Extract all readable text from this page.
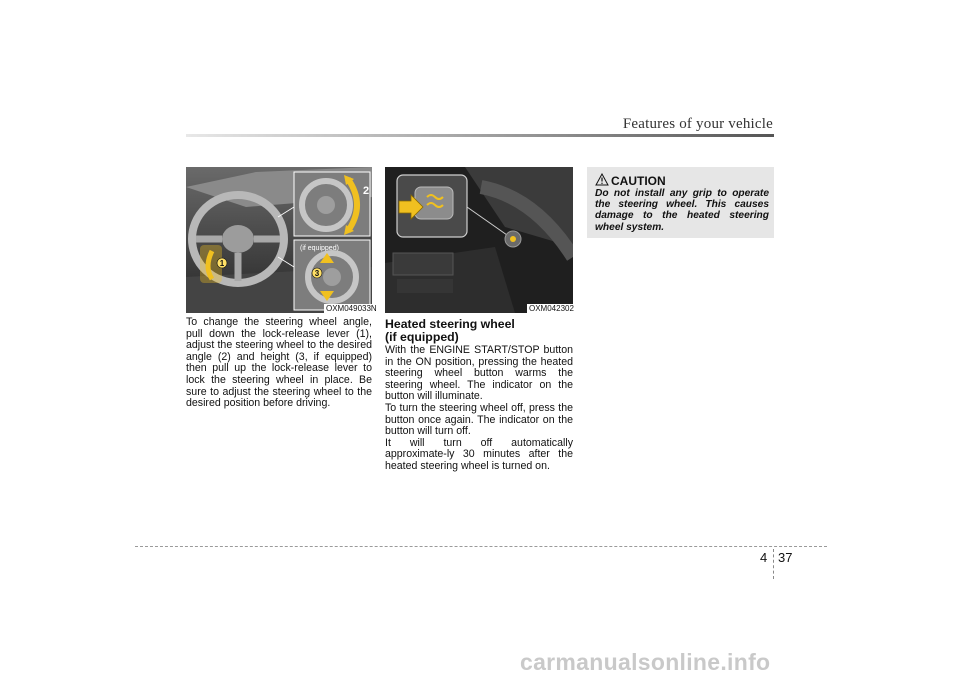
Features of your vehicle
1
2
(if equipped)
3
OXM049033N	OXM042302
To change the steering wheel angle, pull down the lock-release lever (1), adjust the steering wheel to the desired angle (2) and height (3, if equipped) then pull up the lock-release lever to lock the steering wheel in place. Be sure to adjust the steering wheel to the desired position before driving.
Heated steering wheel
(if equipped)

With the ENGINE START/STOP button in the ON position, pressing the heated steering wheel button warms the steering wheel. The indicator on the button will illuminate.

To turn the steering wheel off, press the button once again. The indicator on the button will turn off.

It will turn off automatically approximate-ly 30 minutes after the heated steering wheel is turned on.

CAUTION
Do not install any grip to operate the steering wheel. This causes damage to the heated steering wheel system.
4 37
carmanualsonline.info
